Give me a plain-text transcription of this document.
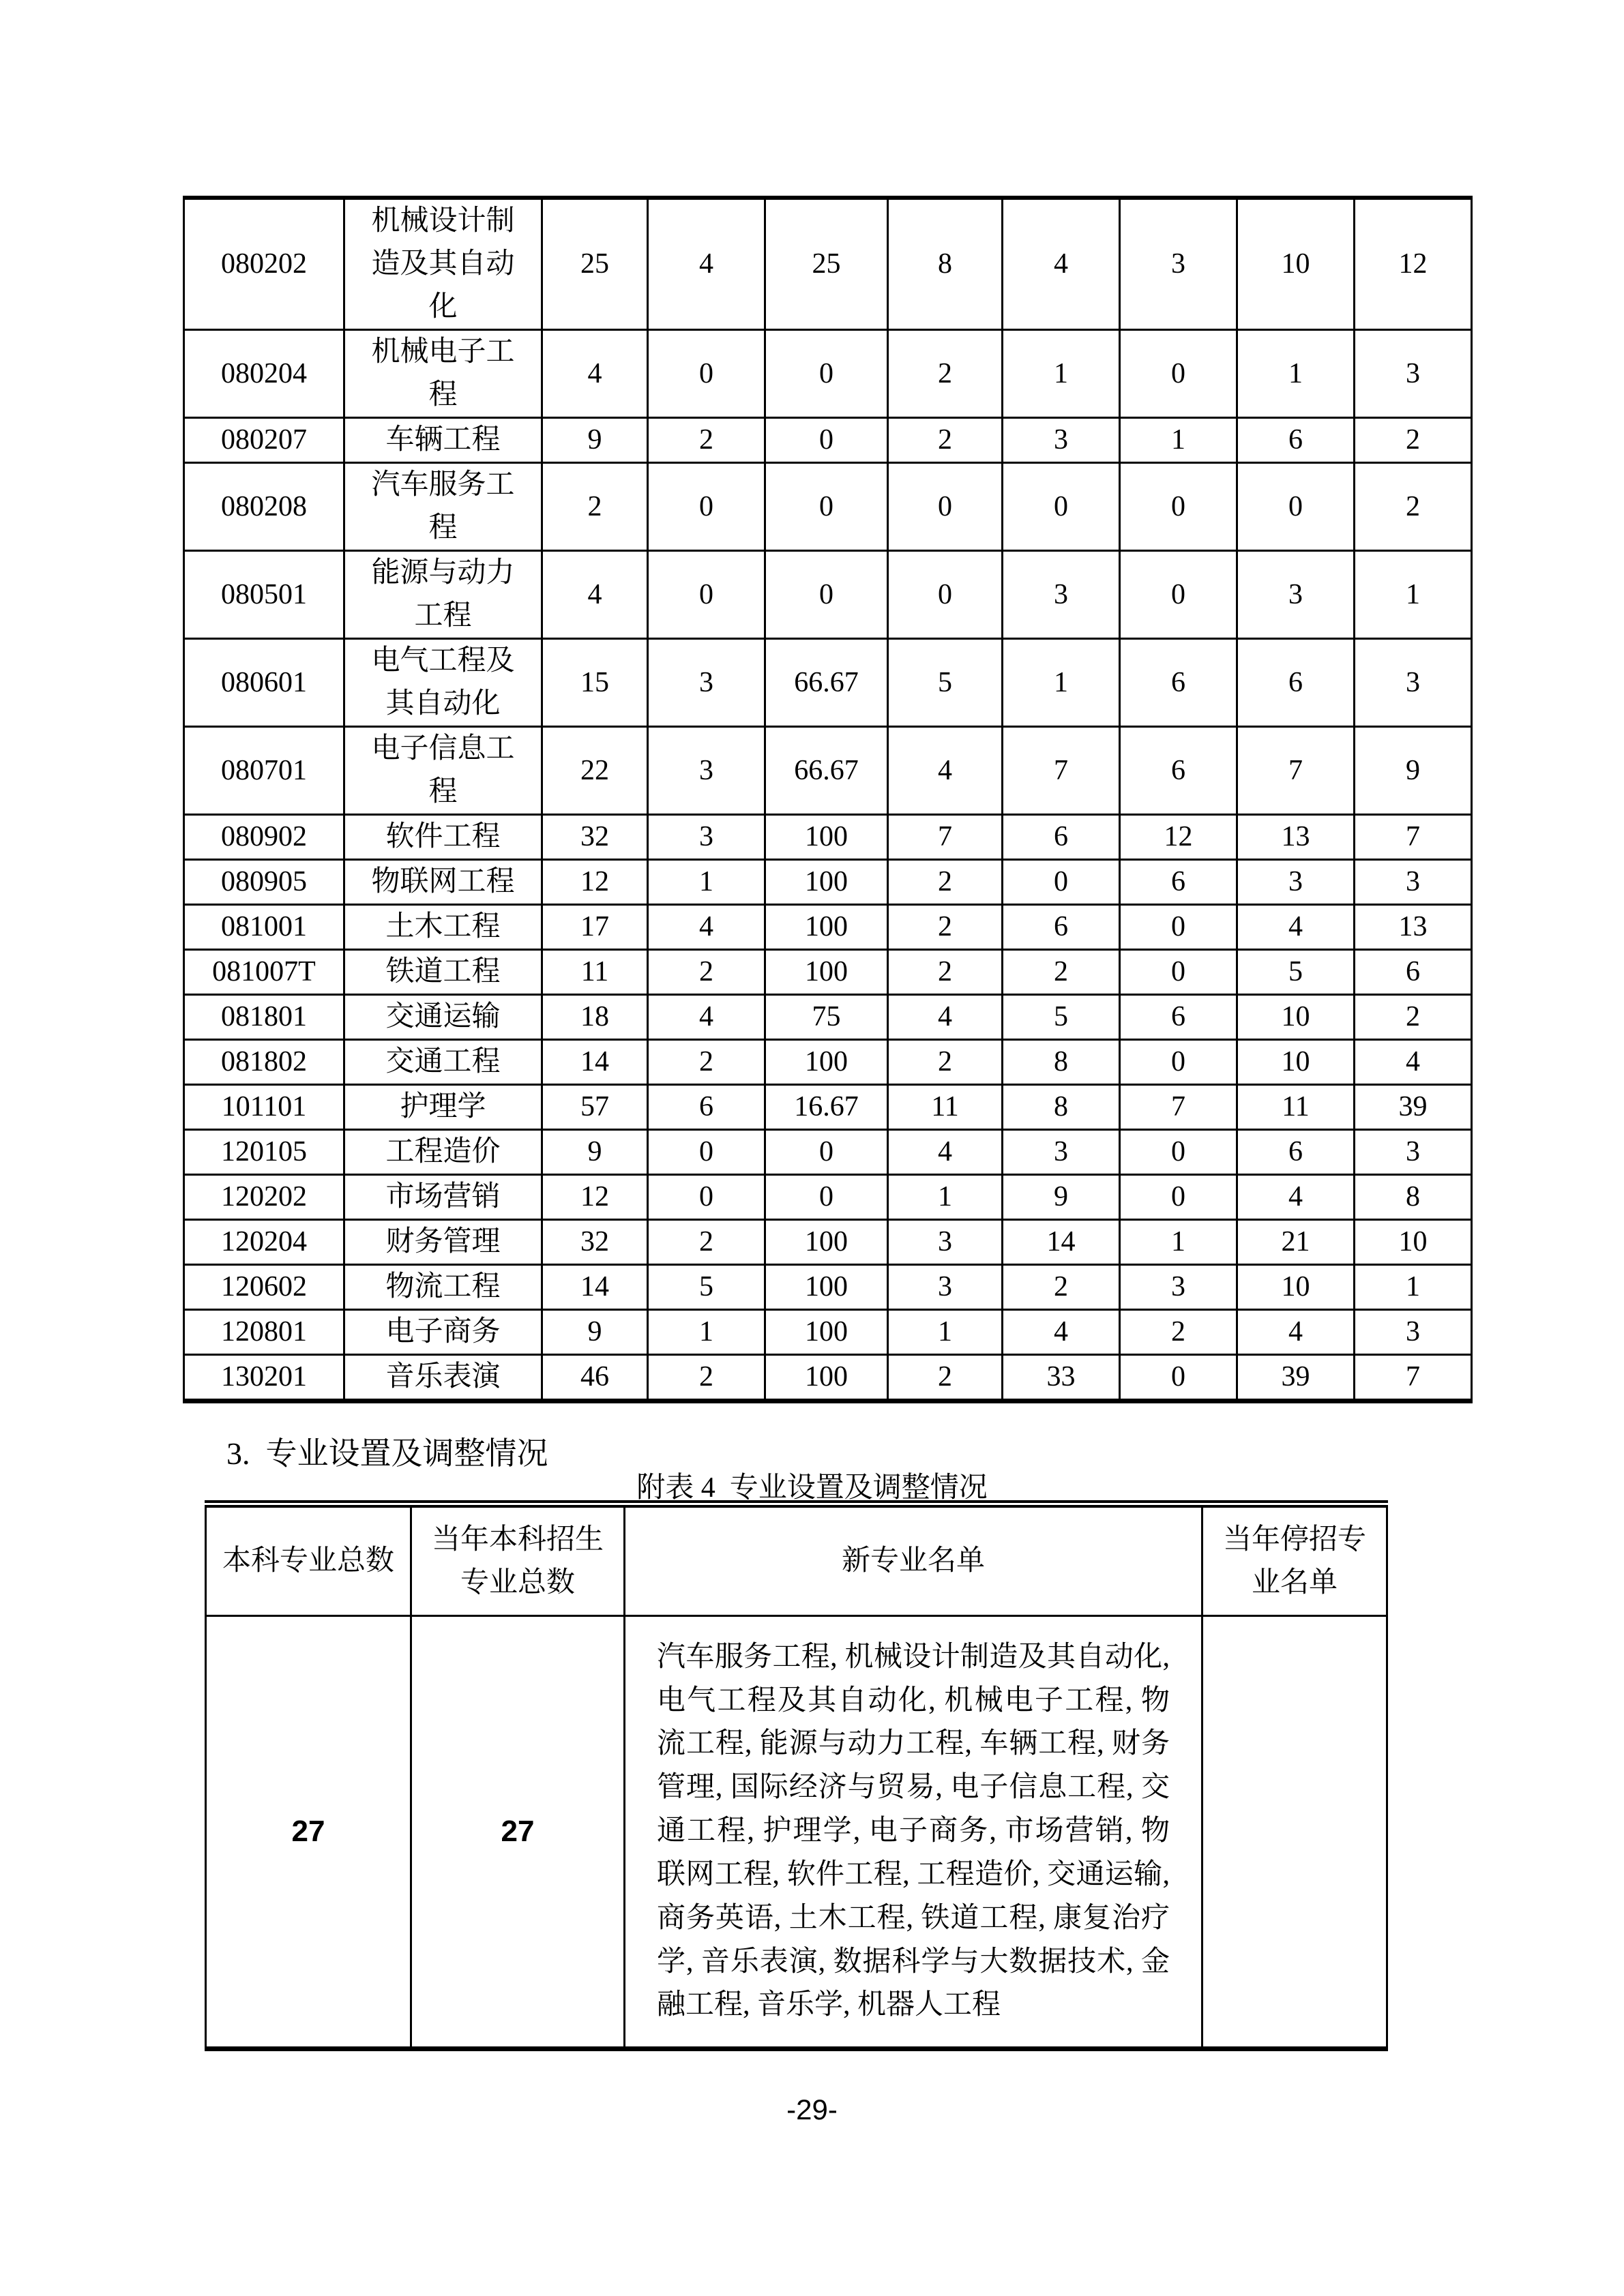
080202	机械设计制造及其自动化	25	4	25	8	4	3	10	12
080204	机械电子工程	4	0	0	2	1	0	1	3
080207	车辆工程	9	2	0	2	3	1	6	2
080208	汽车服务工程	2	0	0	0	0	0	0	2
080501	能源与动力工程	4	0	0	0	3	0	3	1
080601	电气工程及其自动化	15	3	66.67	5	1	6	6	3
080701	电子信息工程	22	3	66.67	4	7	6	7	9
080902	软件工程	32	3	100	7	6	12	13	7
080905	物联网工程	12	1	100	2	0	6	3	3
081001	土木工程	17	4	100	2	6	0	4	13
081007T	铁道工程	11	2	100	2	2	0	5	6
081801	交通运输	18	4	75	4	5	6	10	2
081802	交通工程	14	2	100	2	8	0	10	4
101101	护理学	57	6	16.67	11	8	7	11	39
120105	工程造价	9	0	0	4	3	0	6	3
120202	市场营销	12	0	0	1	9	0	4	8
120204	财务管理	32	2	100	3	14	1	21	10
120602	物流工程	14	5	100	3	2	3	10	1
120801	电子商务	9	1	100	1	4	2	4	3
130201	音乐表演	46	2	100	2	33	0	39	7
3. 专业设置及调整情况
附表 4 专业设置及调整情况
本科专业总数	当年本科招生专业总数	新专业名单	当年停招专业名单
27	27	汽车服务工程, 机械设计制造及其自动化, 电气工程及其自动化, 机械电子工程, 物流工程, 能源与动力工程, 车辆工程, 财务管理, 国际经济与贸易, 电子信息工程, 交通工程, 护理学, 电子商务, 市场营销, 物联网工程, 软件工程, 工程造价, 交通运输, 商务英语, 土木工程, 铁道工程, 康复治疗学, 音乐表演, 数据科学与大数据技术, 金融工程, 音乐学, 机器人工程	
-29-
